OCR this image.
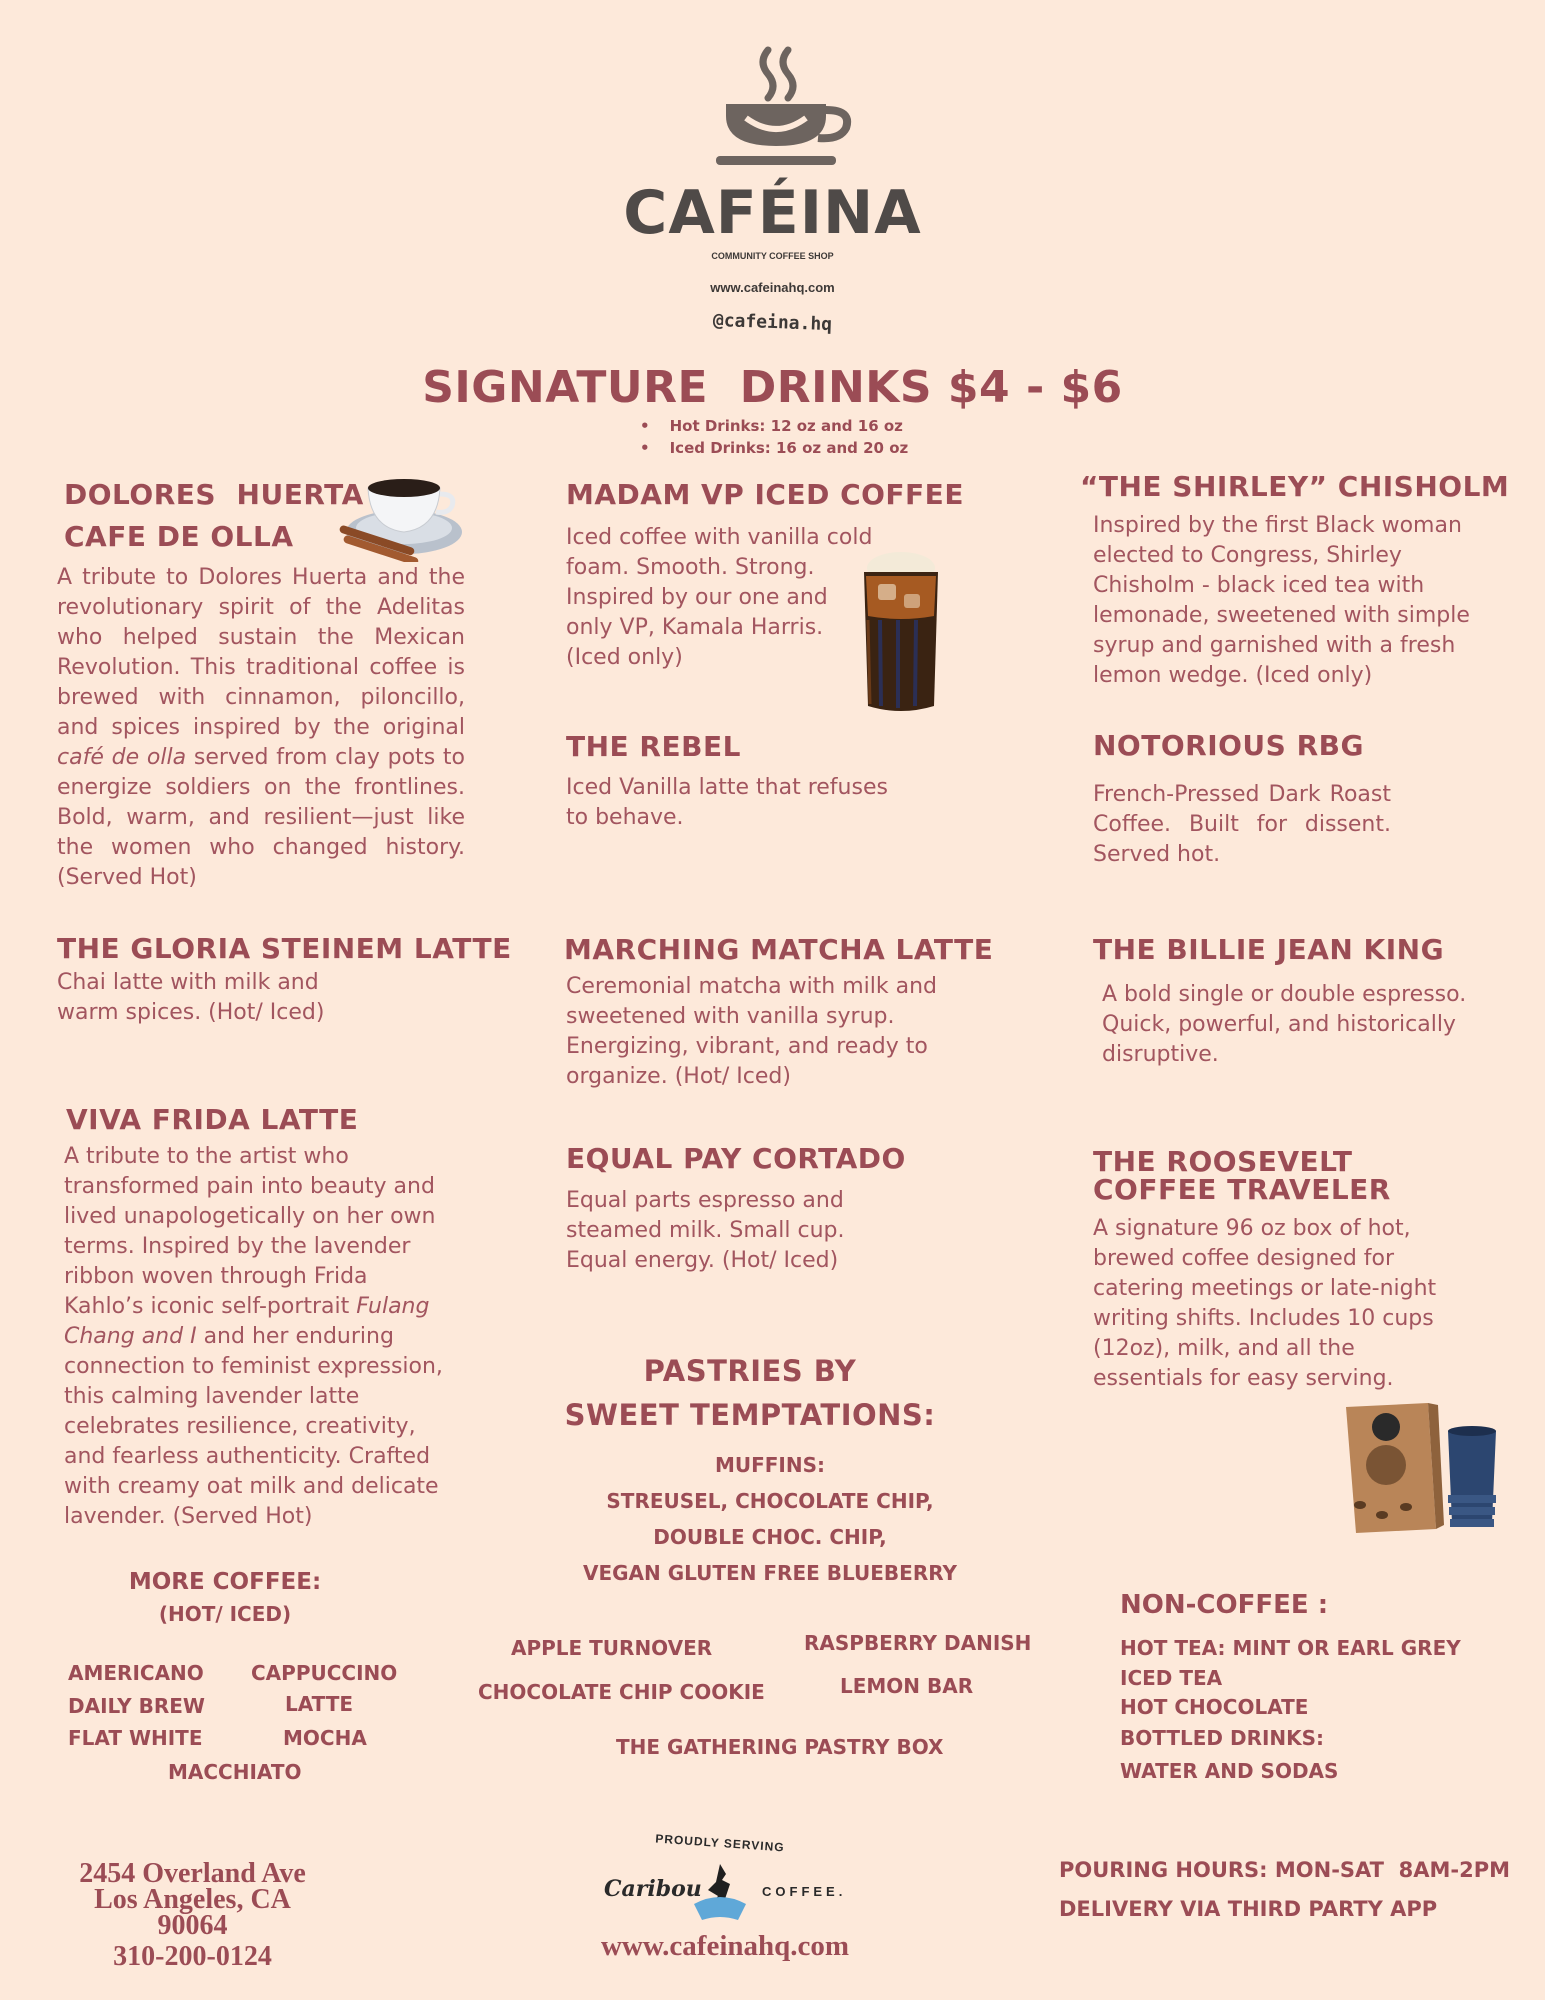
CAFÉINA
COMMUNITY COFFEE SHOP
www.cafeinahq.com
@cafeina.hq
SIGNATURE  DRINKS $4 - $6
• Hot Drinks: 12 oz and 16 oz
• Iced Drinks: 16 oz and 20 oz
DOLORES  HUERTA
CAFE DE OLLA
A tribute to Dolores Huerta and the revolutionary spirit of the Adelitas who helped sustain the Mexican Revolution. This traditional coffee is brewed with cinnamon, piloncillo, and spices inspired by the original café de olla served from clay pots to energize soldiers on the frontlines. Bold, warm, and resilient—just like the women who changed history. (Served Hot)
THE GLORIA STEINEM LATTE
Chai latte with milk and warm spices. (Hot/ Iced)
VIVA FRIDA LATTE
A tribute to the artist who transformed pain into beauty and lived unapologetically on her own terms. Inspired by the lavender ribbon woven through Frida Kahlo’s iconic self-portrait Fulang Chang and I and her enduring connection to feminist expression, this calming lavender latte celebrates resilience, creativity, and fearless authenticity. Crafted with creamy oat milk and delicate lavender. (Served Hot)
MORE COFFEE:
(HOT/ ICED)
AMERICANO CAPPUCCINO
DAILY BREW	LATTE
FLAT WHITE	MOCHA
MACCHIATO
MADAM VP ICED COFFEE
Iced coffee with vanilla cold foam. Smooth. Strong. Inspired by our one and only VP, Kamala Harris. (Iced only)
THE REBEL
Iced Vanilla latte that refuses to behave.
MARCHING MATCHA LATTE
Ceremonial matcha with milk and sweetened with vanilla syrup. Energizing, vibrant, and ready to organize. (Hot/ Iced)
EQUAL PAY CORTADO
Equal parts espresso and steamed milk. Small cup. Equal energy. (Hot/ Iced)
PASTRIES BY
SWEET TEMPTATIONS:
MUFFINS:
STREUSEL, CHOCOLATE CHIP,
DOUBLE CHOC. CHIP,
VEGAN GLUTEN FREE BLUEBERRY
APPLE TURNOVER	RASPBERRY DANISH
CHOCOLATE CHIP COOKIE	LEMON BAR
THE GATHERING PASTRY BOX
“THE SHIRLEY” CHISHOLM
Inspired by the first Black woman elected to Congress, Shirley Chisholm - black iced tea with lemonade, sweetened with simple syrup and garnished with a fresh lemon wedge. (Iced only)
NOTORIOUS RBG
French-Pressed Dark Roast Coffee. Built for dissent. Served hot.
THE BILLIE JEAN KING
A bold single or double espresso. Quick, powerful, and historically disruptive.
THE ROOSEVELT
COFFEE TRAVELER
A signature 96 oz box of hot, brewed coffee designed for catering meetings or late-night writing shifts. Includes 10 cups (12oz), milk, and all the essentials for easy serving.
NON-COFFEE :
HOT TEA: MINT OR EARL GREY
ICED TEA
HOT CHOCOLATE
BOTTLED DRINKS:
WATER AND SODAS
2454 Overland Ave
Los Angeles, CA
90064
310-200-0124
PROUDLY SERVING
Caribou	COFFEE.
www.cafeinahq.com
POURING HOURS: MON-SAT  8AM-2PM
DELIVERY VIA THIRD PARTY APP
